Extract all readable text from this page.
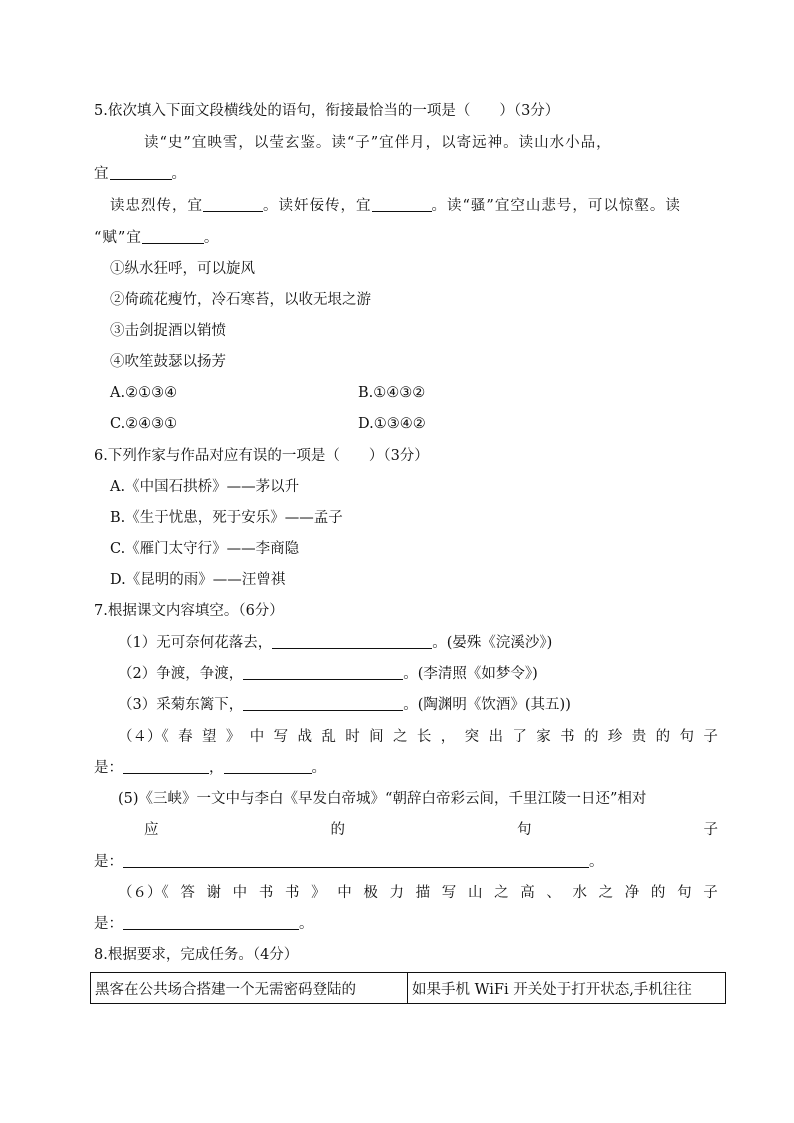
5.依次填入下面文段横线处的语句，衔接最恰当的一项是（　　）（3分）
读“史”宜映雪，以莹玄鉴。读“子”宜伴月，以寄远神。读山水小品，
宜	。
读忠烈传，宜	。读奸佞传，宜	。读“骚”宜空山悲号，可以惊壑。读
“赋”宜	。
①纵水狂呼，可以旋风
②倚疏花瘦竹，冷石寒苔，以收无垠之游
③击剑捉酒以销愤
④吹笙鼓瑟以扬芳
A.②①③④	B.①④③②
C.②④③①	D.①③④②
6.下列作家与作品对应有误的一项是（　　）（3分）
A.《中国石拱桥》——茅以升
B.《生于忧患，死于安乐》——孟子
C.《雁门太守行》——李商隐
D.《昆明的雨》——汪曾祺
7.根据课文内容填空。（6分）
（1）无可奈何花落去，	。(晏殊《浣溪沙》)
（2）争渡，争渡，	。(李清照《如梦令》)
（3）采菊东篱下，	。(陶渊明《饮酒》(其五))
（４）《 春 望 》 中 写 战 乱 时 间 之 长 ， 突 出 了 家 书 的 珍 贵 的 句 子
是：	，	。
(5)《三峡》一文中与李白《早发白帝城》“朝辞白帝彩云间，千里江陵一日还”相对
应	的	句	子
是：	。
（６）《 答 谢 中 书 书 》 中 极 力 描 写 山 之 高 、 水 之 净 的 句 子
是：	。
8.根据要求，完成任务。（4分）
黑客在公共场合搭建一个无需密码登陆的	如果手机 WiFi 开关处于打开状态,手机往往
